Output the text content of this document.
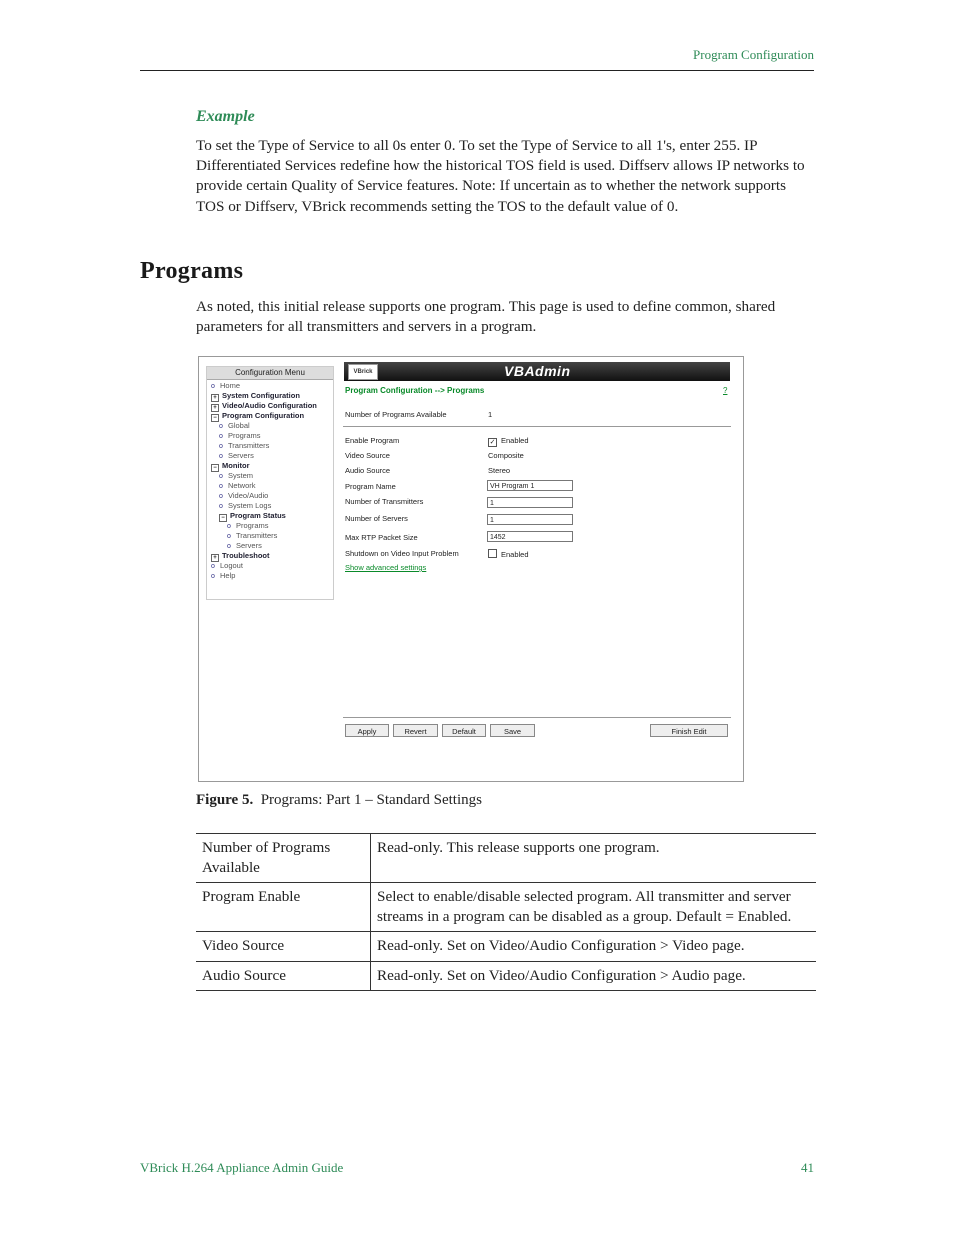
Program Configuration
Example
To set the Type of Service to all 0s enter 0. To set the Type of Service to all 1's, enter 255. IP Differentiated Services redefine how the historical TOS field is used. Diffserv allows IP networks to provide certain Quality of Service features. Note: If uncertain as to whether the network supports TOS or Diffserv, VBrick recommends setting the TOS to the default value of 0.
Programs
As noted, this initial release supports one program. This page is used to define common, shared parameters for all transmitters and servers in a program.
Configuration Menu
o Home
+ System Configuration
+ Video/Audio Configuration
− Program Configuration
o Global
o Programs
o Transmitters
o Servers
− Monitor
o System
o Network
o Video/Audio
o System Logs
− Program Status
o Programs
o Transmitters
o Servers
+ Troubleshoot
o Logout
o Help
VBrick	VBAdmin
Program Configuration --> Programs	?
Number of Programs Available	1
Enable Program	✓ Enabled
Video Source	Composite
Audio Source	Stereo
Program Name	VH Program 1
Number of Transmitters	1
Number of Servers	1
Max RTP Packet Size	1452
Shutdown on Video Input Problem	Enabled
Show advanced settings
Apply	Revert	Default	Save	Finish Edit
Figure 5. Programs: Part 1 – Standard Settings
Number of Programs Available	Read-only. This release supports one program.
Program Enable	Select to enable/disable selected program. All transmitter and server streams in a program can be disabled as a group. Default = Enabled.
Video Source	Read-only. Set on Video/Audio Configuration > Video page.
Audio Source	Read-only. Set on Video/Audio Configuration > Audio page.
VBrick H.264 Appliance Admin Guide	41
